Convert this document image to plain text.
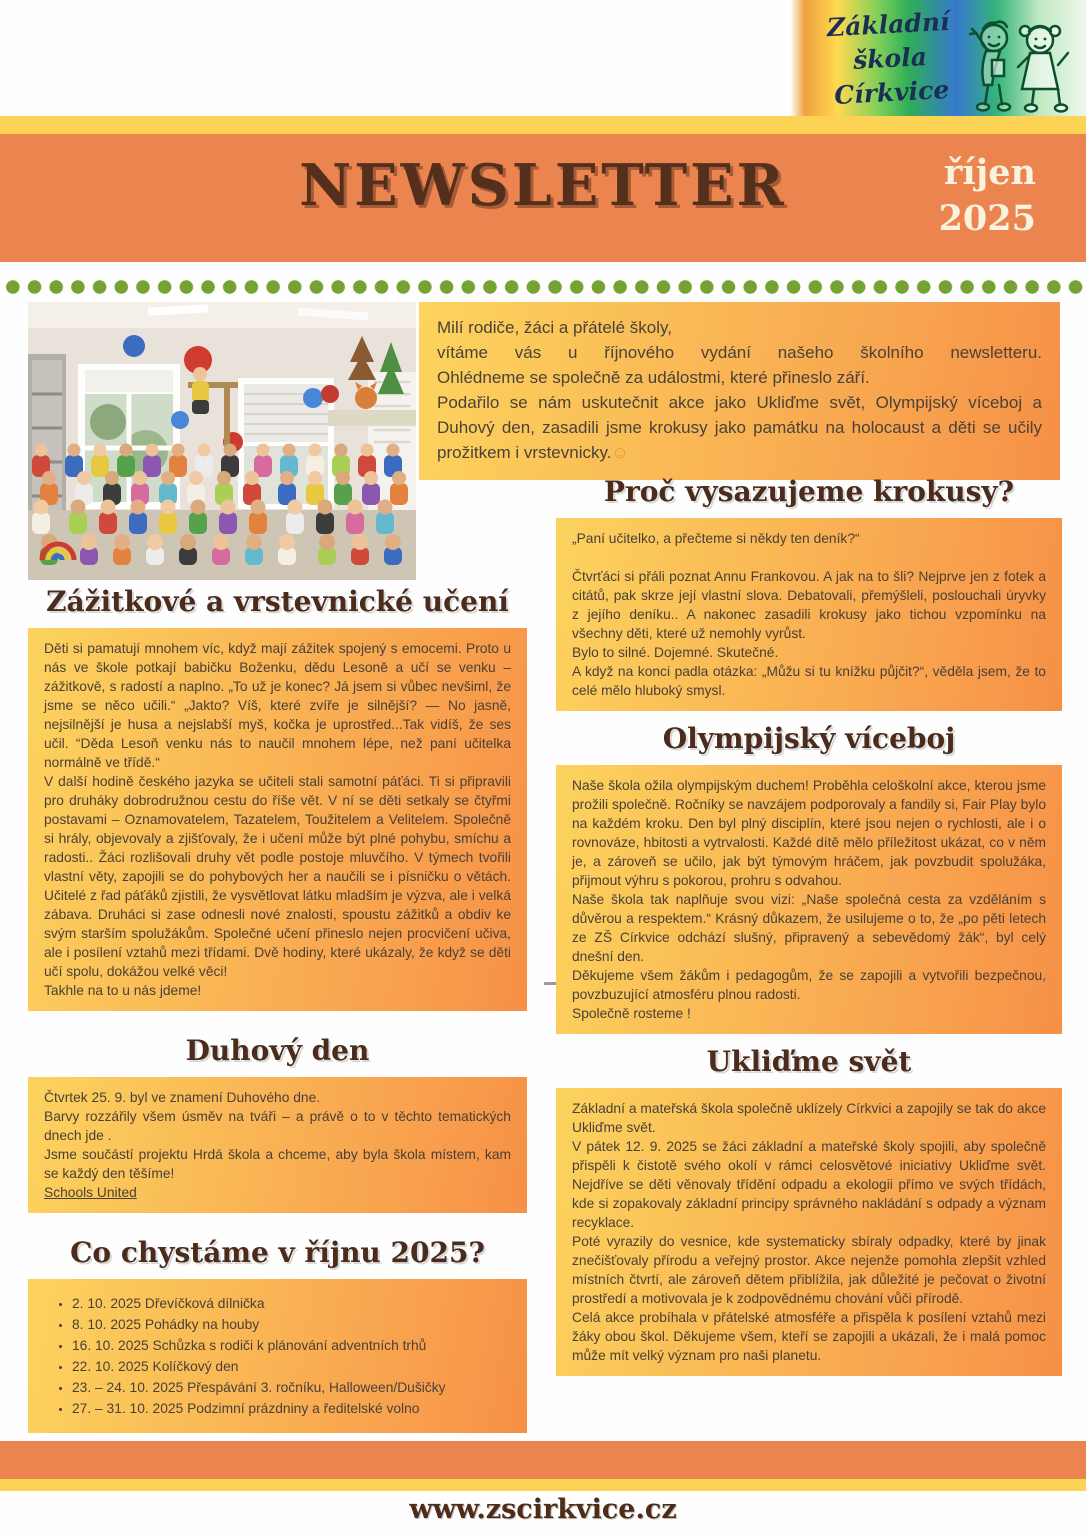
Základní
škola
Církvice
NEWSLETTER	říjen
2025
Milí rodiče, žáci a přátelé školy,
vítáme vás u říjnového vydání našeho školního newsletteru.
Ohlédneme se společně za událostmi, které přineslo září.
Podařilo se nám uskutečnit akce jako Ukliďme svět, Olympijský víceboj a Duhový den, zasadili jsme krokusy jako památku na holocaust a děti se učily prožitkem i vrstevnicky.☺
Zážitkové a vrstevnické učení

Děti si pamatují mnohem víc, když mají zážitek spojený s emocemi. Proto u nás ve škole potkají babičku Boženku, dědu Lesoně a učí se venku – zážitkově, s radostí a naplno. „To už je konec? Já jsem si vůbec nevšiml, že jsme se něco učili.“ „Jakto? Víš, které zvíře je silnější? — No jasně, nejsilnější je husa a nejslabší myš, kočka je uprostřed...Tak vidíš, že ses učil. “Děda Lesoň venku nás to naučil mnohem lépe, než paní učitelka normálně ve třídě.“

V další hodině českého jazyka se učiteli stali samotní páťáci. Ti si připravili pro druháky dobrodružnou cestu do říše vět. V ní se děti setkaly se čtyřmi postavami – Oznamovatelem, Tazatelem, Toužitelem a Velitelem. Společně si hrály, objevovaly a zjišťovaly, že i učení může být plné pohybu, smíchu a radosti.. Žáci rozlišovali druhy vět podle postoje mluvčího. V týmech tvořili vlastní věty, zapojili se do pohybových her a naučili se i písničku o větách. Učitelé z řad páťáků zjistili, že vysvětlovat látku mladším je výzva, ale i velká zábava. Druháci si zase odnesli nové znalosti, spoustu zážitků a obdiv ke svým starším spolužákům. Společné učení přineslo nejen procvičení učiva, ale i posílení vztahů mezi třídami. Dvě hodiny, které ukázaly, že když se děti učí spolu, dokážou velké věci!

Takhle na to u nás jdeme!

Duhový den

Čtvrtek 25. 9. byl ve znamení Duhového dne.

Barvy rozzářily všem úsměv na tváři – a právě o to v těchto tematických dnech jde .

Jsme součástí projektu Hrdá škola a chceme, aby byla škola místem, kam se každý den těšíme!

Schools United

Co chystáme v říjnu 2025?
• 2. 10. 2025 Dřevíčková dílnička
• 8. 10. 2025 Pohádky na houby
• 16. 10. 2025 Schůzka s rodiči k plánování adventních trhů
• 22. 10. 2025 Kolíčkový den
• 23. – 24. 10. 2025 Přespávání 3. ročníku, Halloween/Dušičky
• 27. – 31. 10. 2025 Podzimní prázdniny a ředitelské volno
Proč vysazujeme krokusy?

„Paní učitelko, a přečteme si někdy ten deník?“

Čtvrťáci si přáli poznat Annu Frankovou. A jak na to šli? Nejprve jen z fotek a citátů, pak skrze její vlastní slova. Debatovali, přemýšleli, poslouchali úryvky z jejího deníku.. A nakonec zasadili krokusy jako tichou vzpomínku na všechny děti, které už nemohly vyrůst.

Bylo to silné. Dojemné. Skutečné.

A když na konci padla otázka: „Můžu si tu knížku půjčit?“, věděla jsem, že to celé mělo hluboký smysl.

Olympijský víceboj

Naše škola ožila olympijským duchem! Proběhla celoškolní akce, kterou jsme prožili společně. Ročníky se navzájem podporovaly a fandily si, Fair Play bylo na každém kroku. Den byl plný disciplín, které jsou nejen o rychlosti, ale i o rovnováze, hbitosti a vytrvalosti. Každé dítě mělo příležitost ukázat, co v něm je, a zároveň se učilo, jak být týmovým hráčem, jak povzbudit spolužáka, přijmout výhru s pokorou, prohru s odvahou.

Naše škola tak naplňuje svou vizi: „Naše společná cesta za vzděláním s důvěrou a respektem.“ Krásný důkazem, že usilujeme o to, že „po pěti letech ze ZŠ Církvice odchází slušný, připravený a sebevědomý žák“, byl celý dnešní den.

Děkujeme všem žákům i pedagogům, že se zapojili a vytvořili bezpečnou, povzbuzující atmosféru plnou radosti.

Společně rosteme !

Ukliďme svět

Základní a mateřská škola společně uklízely Církvici a zapojily se tak do akce Ukliďme svět.

V pátek 12. 9. 2025 se žáci základní a mateřské školy spojili, aby společně přispěli k čistotě svého okolí v rámci celosvětové iniciativy Ukliďme svět. Nejdříve se děti věnovaly třídění odpadu a ekologii přímo ve svých třídách, kde si zopakovaly základní principy správného nakládání s odpady a význam recyklace.

Poté vyrazily do vesnice, kde systematicky sbíraly odpadky, které by jinak znečišťovaly přírodu a veřejný prostor. Akce nejenže pomohla zlepšit vzhled místních čtvrtí, ale zároveň dětem přiblížila, jak důležité je pečovat o životní prostředí a motivovala je k zodpovědnému chování vůči přírodě.

Celá akce probíhala v přátelské atmosféře a přispěla k posílení vztahů mezi žáky obou škol. Děkujeme všem, kteří se zapojili a ukázali, že i malá pomoc může mít velký význam pro naši planetu.

www.zscirkvice.cz
